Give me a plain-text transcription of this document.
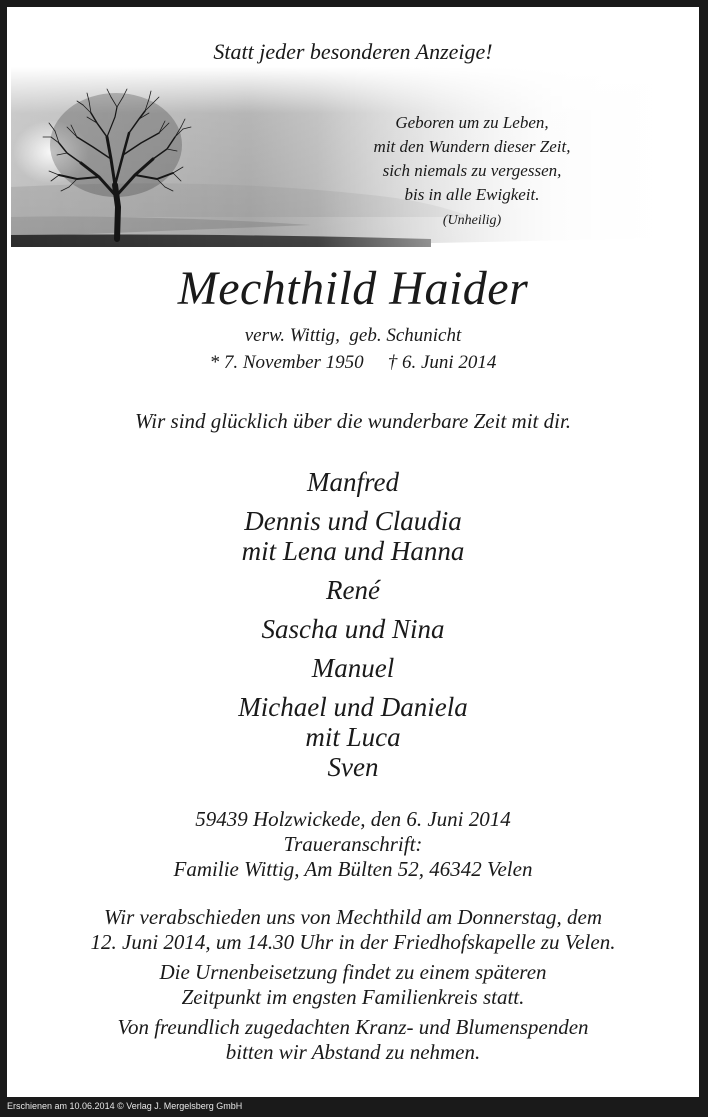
Statt jeder besonderen Anzeige!
Geboren um zu Leben,
mit den Wundern dieser Zeit,
sich niemals zu vergessen,
bis in alle Ewigkeit.
(Unheilig)
Mechthild Haider
verw. Wittig,  geb. Schunicht
* 7. November 1950 † 6. Juni 2014
Wir sind glücklich über die wunderbare Zeit mit dir.
Manfred
Dennis und Claudia
mit Lena und Hanna
René
Sascha und Nina
Manuel
Michael und Daniela
mit Luca
Sven
59439 Holzwickede, den 6. Juni 2014
Traueranschrift:
Familie Wittig, Am Bülten 52, 46342 Velen
Wir verabschieden uns von Mechthild am Donnerstag, dem
12. Juni 2014, um 14.30 Uhr in der Friedhofskapelle zu Velen.
Die Urnenbeisetzung findet zu einem späteren
Zeitpunkt im engsten Familienkreis statt.
Von freundlich zugedachten Kranz- und Blumenspenden
bitten wir Abstand zu nehmen.
Erschienen am 10.06.2014 © Verlag J. Mergelsberg GmbH
